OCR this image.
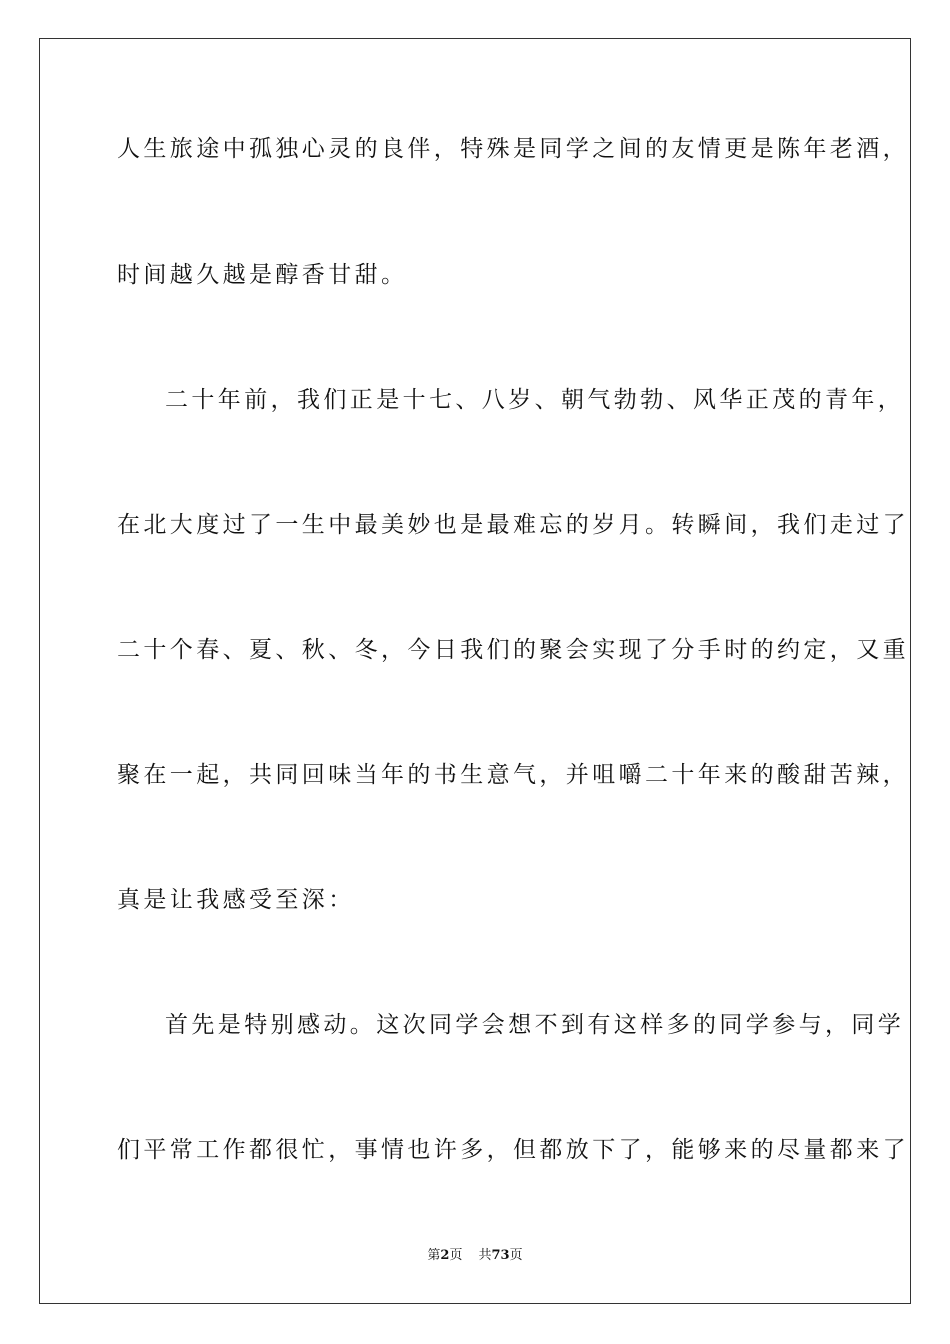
人生旅途中孤独心灵的良伴，特殊是同学之间的友情更是陈年老酒，
时间越久越是醇香甘甜。
二十年前，我们正是十七、八岁、朝气勃勃、风华正茂的青年，
在北大度过了一生中最美妙也是最难忘的岁月。转瞬间，我们走过了
二十个春、夏、秋、冬，今日我们的聚会实现了分手时的约定，又重
聚在一起，共同回味当年的书生意气，并咀嚼二十年来的酸甜苦辣，
真是让我感受至深：
首先是特别感动。这次同学会想不到有这样多的同学参与，同学
们平常工作都很忙，事情也许多，但都放下了，能够来的尽量都来了
第2页 共73页
